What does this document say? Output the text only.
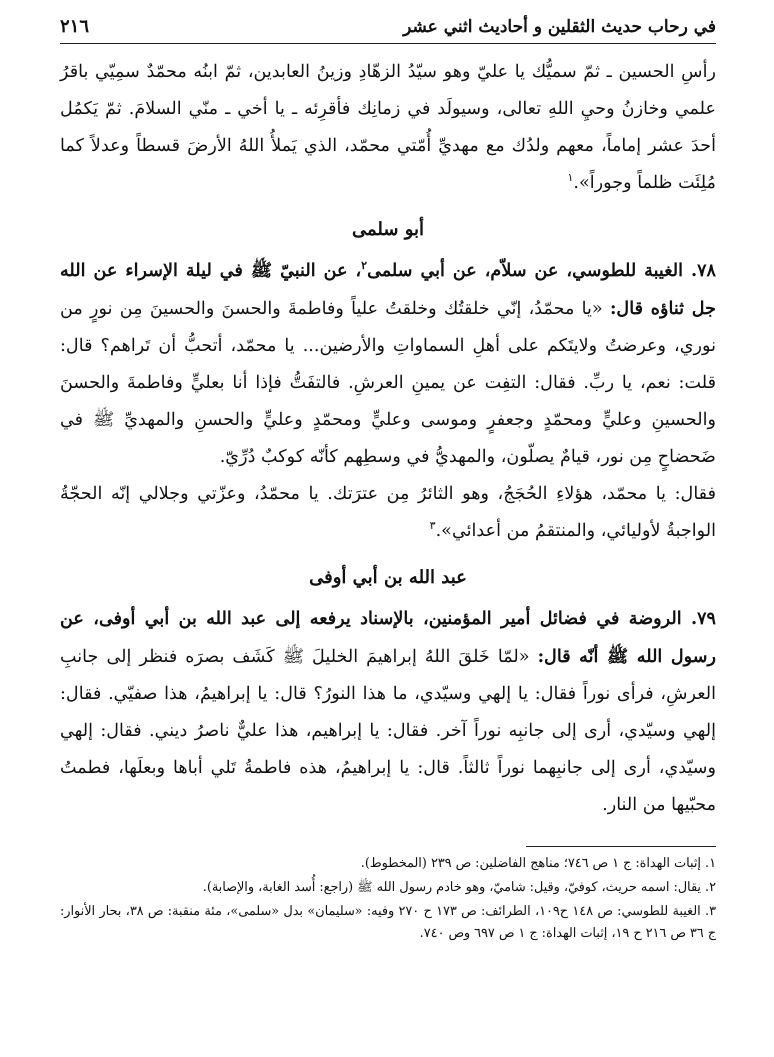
في رحاب حديث الثقلين و أحاديث اثني عشر
٢١٦

رأسِ الحسين ـ ثمّ سميُّك يا عليّ وهو سيّدُ الزهّادِ وزينُ العابدين، ثمّ ابنُه محمّدٌ سمِيّي باقرُ علمي وخازنُ وحيِ اللهِ تعالى، وسيولَد في زمانِك فأقرِئه ـ يا أخي ـ منّي السلامَ. ثمّ يَكمُل أحدَ عشر إماماً، معهم ولدُك مع مهديِّ أُمّتي محمّد، الذي يَملأُ اللهُ الأرضَ قسطاً وعدلاً كما مُلِئَت ظلماً وجوراً».$^١$

أبو سلمى

٧٨. الغيبة للطوسي، عن سلاّم، عن أبي سلمى$^٢$، عن النبيّ ﷺ في ليلة الإسراء عن الله جل ثناؤه قال: «يا محمّدُ، إنّي خلقتُك وخلقتُ علياً وفاطمةَ والحسنَ والحسينَ مِن نورٍ من نوري، وعرضتُ ولايتَكم على أهلِ السماواتِ والأرضين... يا محمّد، أتحبُّ أن تَراهم؟ قال: قلت: نعم، يا ربِّ. فقال: التفِت عن يمينِ العرشِ. فالتفَتُّ فإذا أنا بعليٍّ وفاطمةَ والحسنَ والحسينِ وعليٍّ ومحمّدٍ وجعفرٍ وموسى وعليٍّ ومحمّدٍ وعليٍّ والحسنِ والمهديِّ ﷺ في ضَحضاحٍ مِن نور، قيامٌ يصلّون، والمهديُّ في وسطِهم كأنّه كوكبٌ دُرِّيّ.

فقال: يا محمّد، هؤلاءِ الحُجَجُ، وهو الثائرُ مِن عترَتك. يا محمّدُ، وعزّتي وجلالي إنّه الحجّةُ الواجبةُ لأوليائي، والمنتقمُ من أعدائي».$^٣$

عبد الله بن أبي أوفى

٧٩. الروضة في فضائل أمير المؤمنين، بالإسناد يرفعه إلى عبد الله بن أبي أوفى، عن رسول الله ﷺ أنّه قال: «لمّا خَلقَ اللهُ إبراهيمَ الخليلَ ﷺ كَشَف بصرَه فنظر إلى جانبِ العرشِ، فرأى نوراً فقال: يا إلهي وسيّدي، ما هذا النورُ؟ قال: يا إبراهيمُ، هذا صفيّي. فقال: إلهي وسيّدي، أرى إلى جانبِه نوراً آخر. فقال: يا إبراهيم، هذا عليٌّ ناصرُ ديني. فقال: إلهي وسيّدي، أرى إلى جانبِهما نوراً ثالثاً. قال: يا إبراهيمُ، هذه فاطمةُ تَلي أباها وبعلَها، فطمتُ محبّيها من النار.

١. إثبات الهداة: ج ١ ص ٧٤٦؛ مناهج الفاضلين: ص ٢٣٩ (المخطوط).

٢. يقال: اسمه حريث، كوفيّ، وقيل: شاميّ، وهو خادم رسول الله ﷺ (راجع: أُسد الغابة، والإصابة).

٣. الغيبة للطوسي: ص ١٤٨ ح١٠٩، الطرائف: ص ١٧٣ ح ٢٧٠ وفيه: «سليمان» بدل «سلمى»، مئة منقبة: ص ٣٨، بحار الأنوار: ج ٣٦ ص ٢١٦ ح ١٩، إثبات الهداة: ج ١ ص ٦٩٧ وص ٧٤٠.
